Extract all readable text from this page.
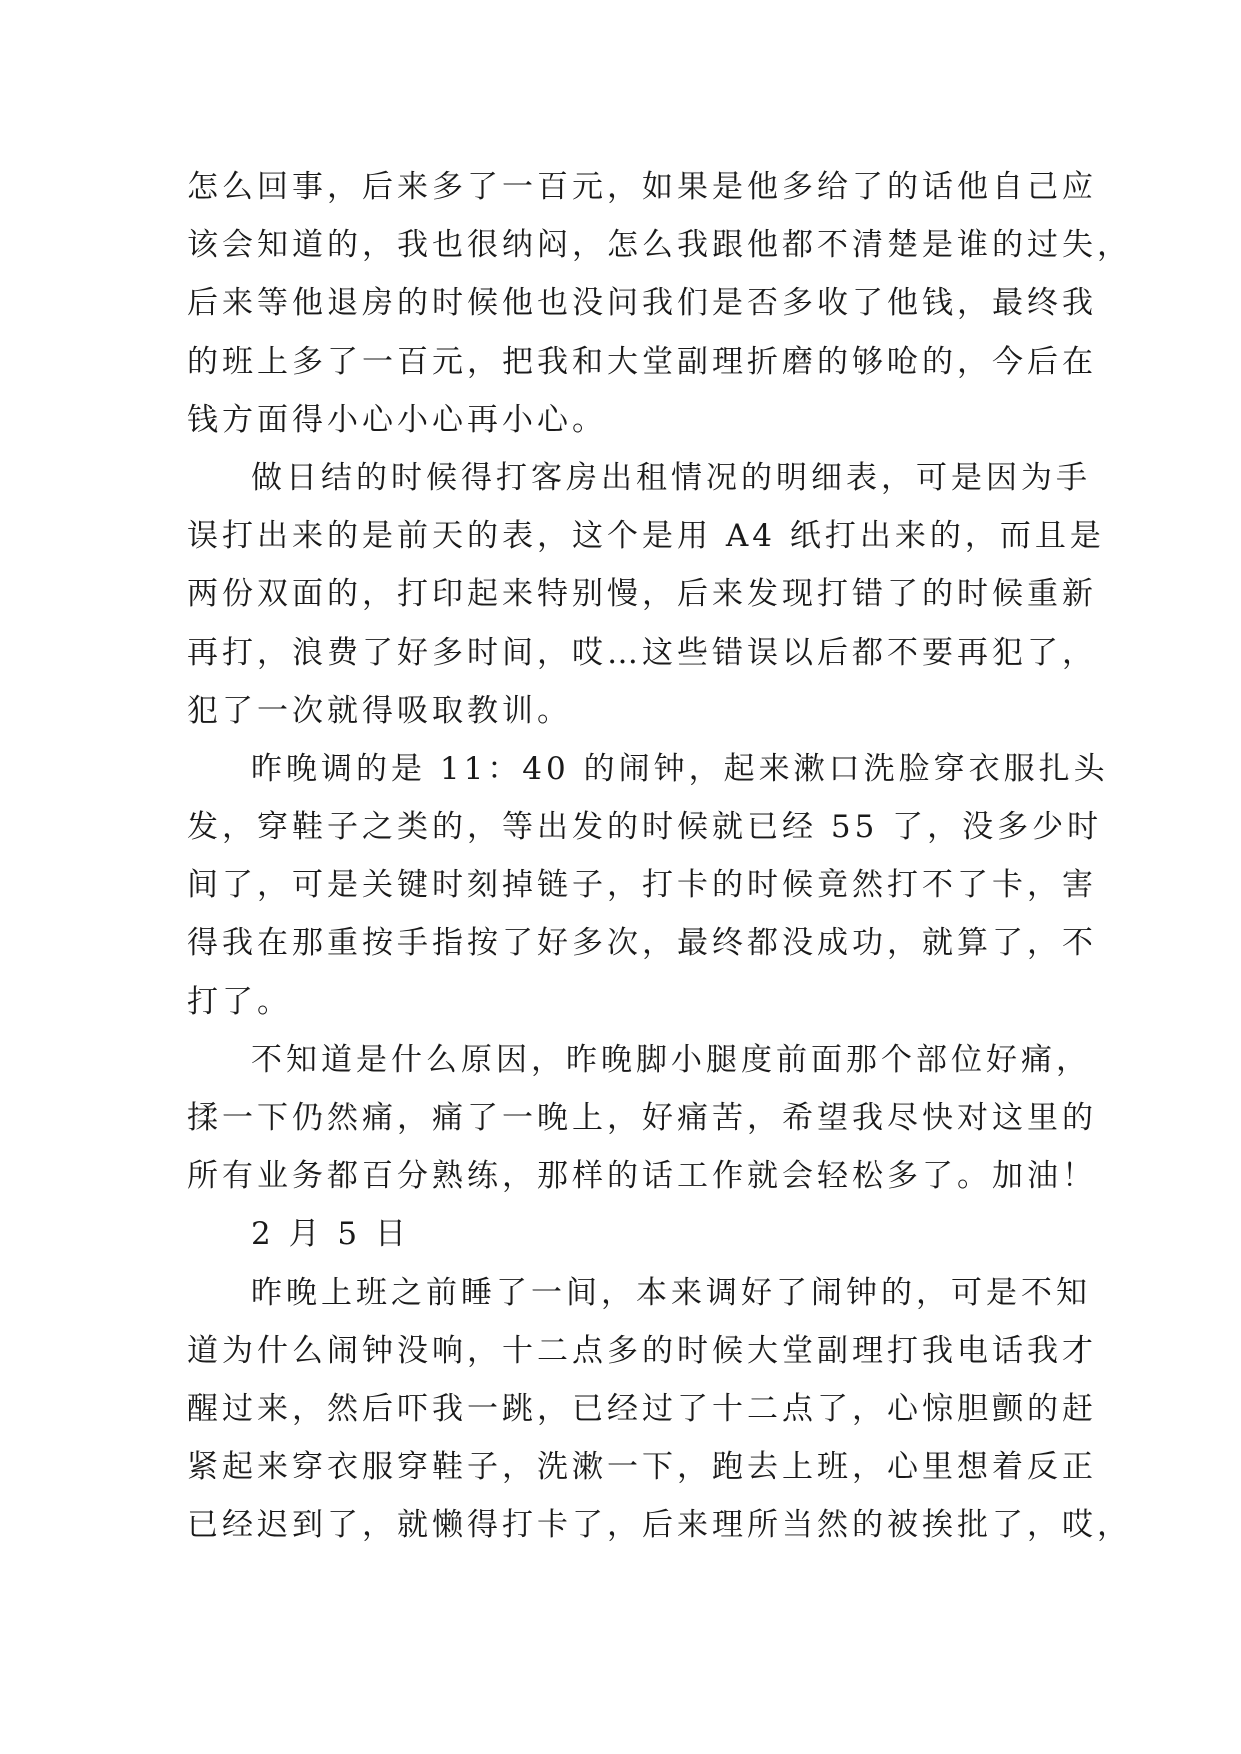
怎么回事，后来多了一百元，如果是他多给了的话他自己应
该会知道的，我也很纳闷，怎么我跟他都不清楚是谁的过失，
后来等他退房的时候他也没问我们是否多收了他钱，最终我
的班上多了一百元，把我和大堂副理折磨的够呛的，今后在
钱方面得小心小心再小心。
做日结的时候得打客房出租情况的明细表，可是因为手
误打出来的是前天的表，这个是用 A4 纸打出来的，而且是
两份双面的，打印起来特别慢，后来发现打错了的时候重新
再打，浪费了好多时间，哎…这些错误以后都不要再犯了，
犯了一次就得吸取教训。
昨晚调的是 11：40 的闹钟，起来漱口洗脸穿衣服扎头
发，穿鞋子之类的，等出发的时候就已经 55 了，没多少时
间了，可是关键时刻掉链子，打卡的时候竟然打不了卡，害
得我在那重按手指按了好多次，最终都没成功，就算了，不
打了。
不知道是什么原因，昨晚脚小腿度前面那个部位好痛，
揉一下仍然痛，痛了一晚上，好痛苦，希望我尽快对这里的
所有业务都百分熟练，那样的话工作就会轻松多了。加油！
2 月 5 日
昨晚上班之前睡了一间，本来调好了闹钟的，可是不知
道为什么闹钟没响，十二点多的时候大堂副理打我电话我才
醒过来，然后吓我一跳，已经过了十二点了，心惊胆颤的赶
紧起来穿衣服穿鞋子，洗漱一下，跑去上班，心里想着反正
已经迟到了，就懒得打卡了，后来理所当然的被挨批了，哎，
